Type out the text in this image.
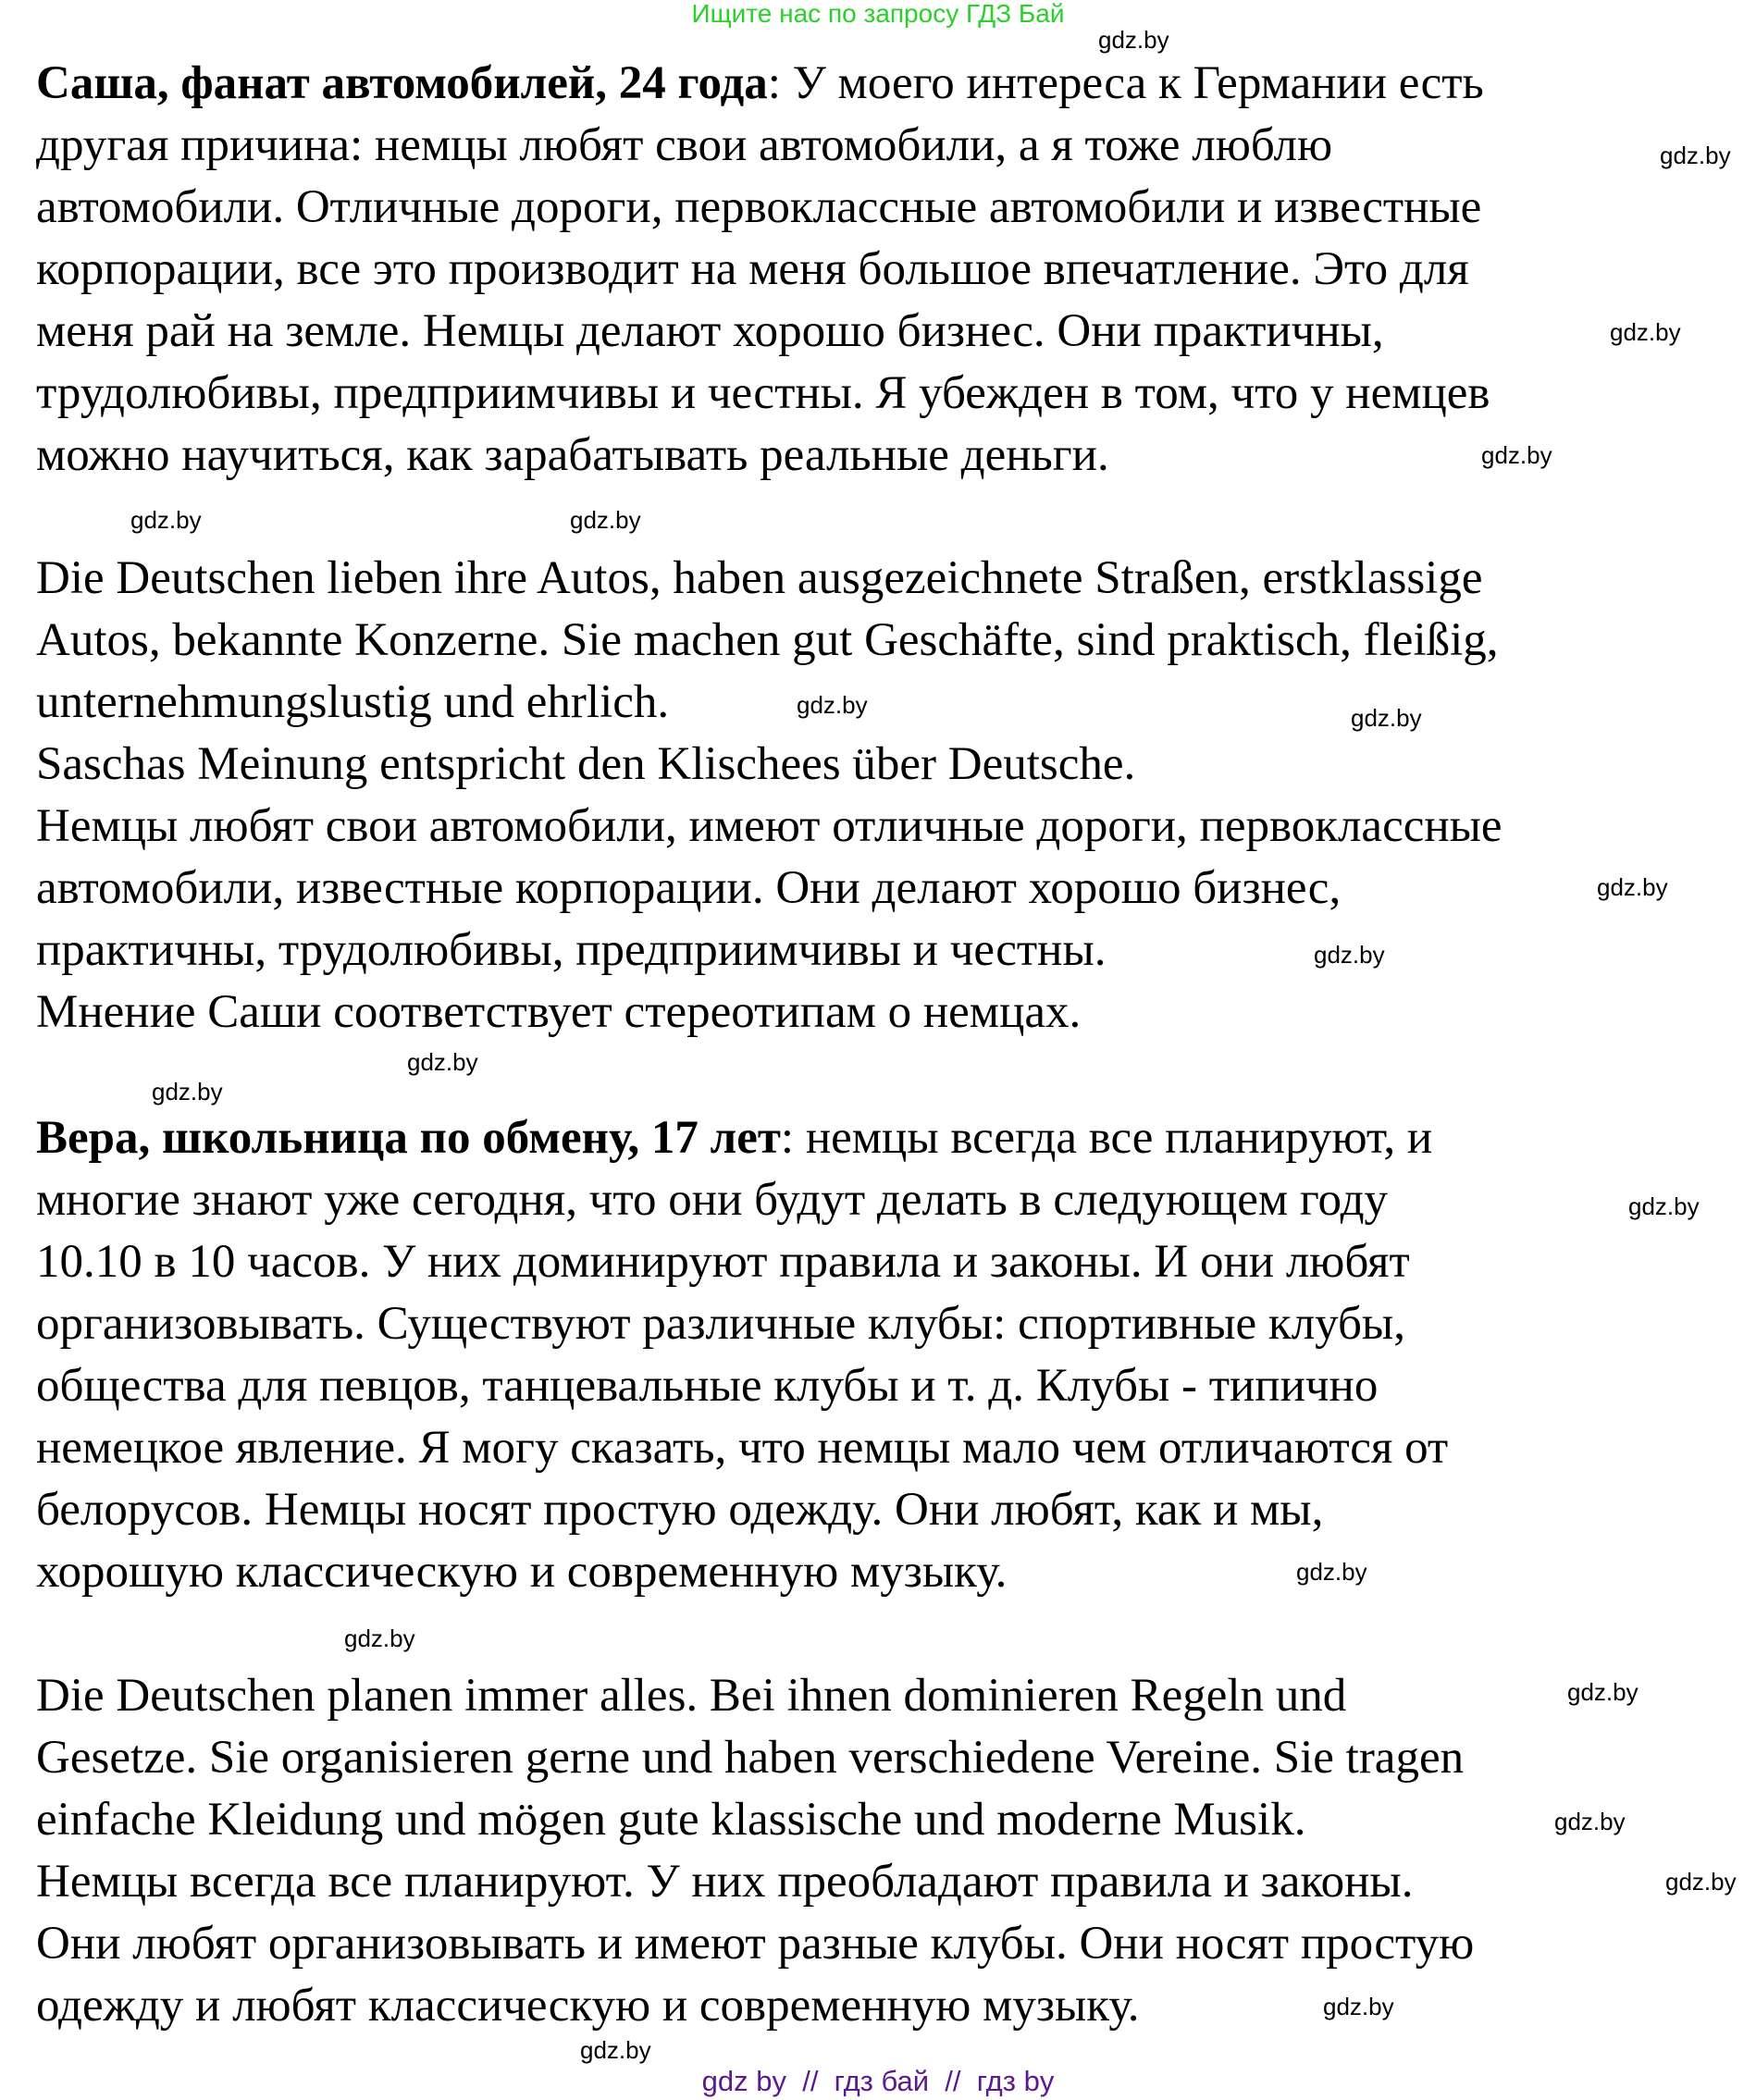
Ищите нас по запросу ГДЗ Бай
Саша, фанат автомобилей, 24 года: У моего интереса к Германии есть
другая причина: немцы любят свои автомобили, а я тоже люблю
автомобили. Отличные дороги, первоклассные автомобили и известные
корпорации, все это производит на меня большое впечатление. Это для
меня рай на земле. Немцы делают хорошо бизнес. Они практичны,
трудолюбивы, предприимчивы и честны. Я убежден в том, что у немцев
можно научиться, как зарабатывать реальные деньги.
Die Deutschen lieben ihre Autos, haben ausgezeichnete Straßen, erstklassige
Autos, bekannte Konzerne. Sie machen gut Geschäfte, sind praktisch, fleißig,
unternehmungslustig und ehrlich.
Saschas Meinung entspricht den Klischees über Deutsche.
Немцы любят свои автомобили, имеют отличные дороги, первоклассные
автомобили, известные корпорации. Они делают хорошо бизнес,
практичны, трудолюбивы, предприимчивы и честны.
Мнение Саши соответствует стереотипам о немцах.
Вера, школьница по обмену, 17 лет: немцы всегда все планируют, и
многие знают уже сегодня, что они будут делать в следующем году
10.10 в 10 часов. У них доминируют правила и законы. И они любят
организовывать. Существуют различные клубы: спортивные клубы,
общества для певцов, танцевальные клубы и т. д. Клубы - типично
немецкое явление. Я могу сказать, что немцы мало чем отличаются от
белорусов. Немцы носят простую одежду. Они любят, как и мы,
хорошую классическую и современную музыку.
Die Deutschen planen immer alles. Bei ihnen dominieren Regeln und
Gesetze. Sie organisieren gerne und haben verschiedene Vereine. Sie tragen
einfache Kleidung und mögen gute klassische und moderne Musik.
Немцы всегда все планируют. У них преобладают правила и законы.
Они любят организовывать и имеют разные клубы. Они носят простую
одежду и любят классическую и современную музыку.
gdz.by
gdz.by
gdz.by
gdz.by
gdz.by
gdz.by
gdz.by	gdz.by
gdz.by
gdz.by
gdz.by
gdz.by
gdz.by
gdz.by
gdz.by
gdz.by
gdz.by
gdz.by
gdz.by
gdz.by
gdz by  //  гдз бай  //  гдз by
